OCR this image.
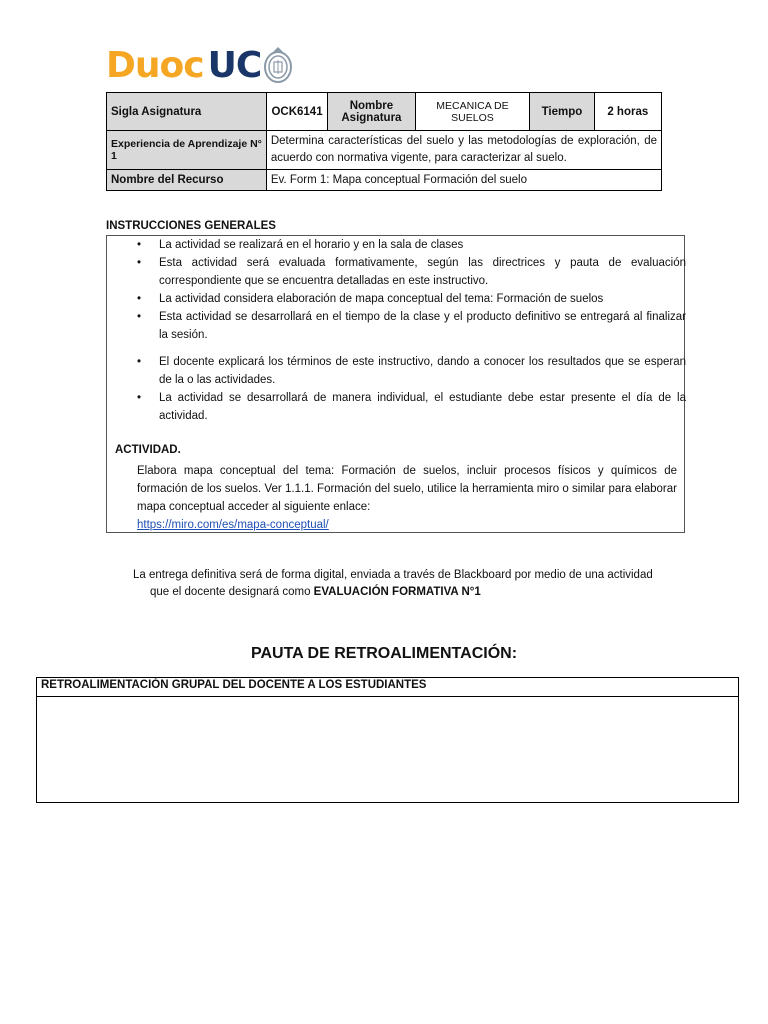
Duoc UC
Sigla Asignatura	OCK6141	Nombre Asignatura	MECANICA DE SUELOS	Tiempo	2 horas
Experiencia de Aprendizaje N° 1	Determina características del suelo y las metodologías de exploración, de acuerdo con normativa vigente, para caracterizar al suelo.				
Nombre del Recurso	Ev. Form 1: Mapa conceptual Formación del suelo				
INSTRUCCIONES GENERALES
• La actividad se realizará en el horario y en la sala de clases
• Esta actividad será evaluada formativamente, según las directrices y pauta de evaluación correspondiente que se encuentra detalladas en este instructivo.
• La actividad considera elaboración de mapa conceptual del tema: Formación de suelos
• Esta actividad se desarrollará en el tiempo de la clase y el producto definitivo se entregará al finalizar la sesión.
• El docente explicará los términos de este instructivo, dando a conocer los resultados que se esperan de la o las actividades.
• La actividad se desarrollará de manera individual, el estudiante debe estar presente el día de la actividad.
ACTIVIDAD.
Elabora mapa conceptual del tema: Formación de suelos, incluir procesos físicos y químicos de formación de los suelos. Ver 1.1.1. Formación del suelo, utilice la herramienta miro o similar para elaborar mapa conceptual acceder al siguiente enlace:
https://miro.com/es/mapa-conceptual/
La entrega definitiva será de forma digital, enviada a través de Blackboard por medio de una actividad
que el docente designará como EVALUACIÓN FORMATIVA N°1
PAUTA DE RETROALIMENTACIÓN:
RETROALIMENTACIÓN GRUPAL DEL DOCENTE A LOS ESTUDIANTES
